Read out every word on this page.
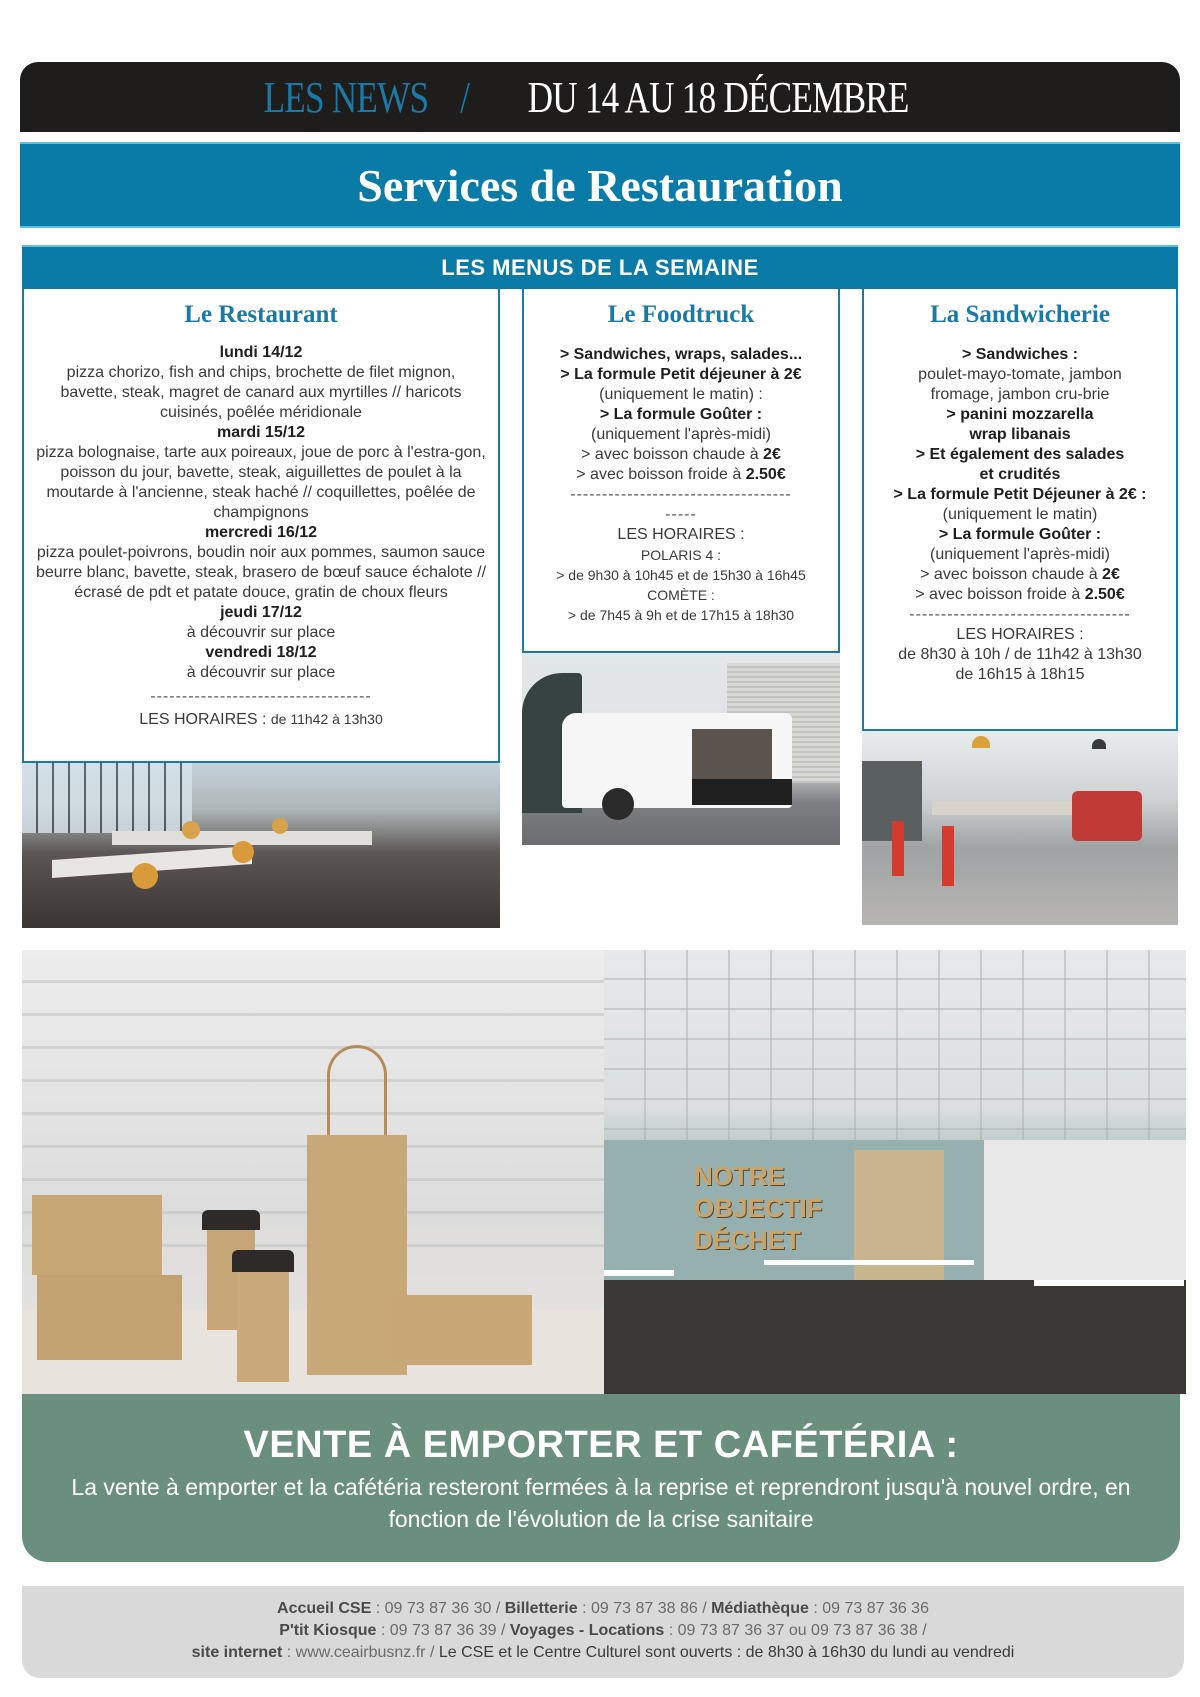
LES NEWS / DU 14 AU 18 DÉCEMBRE
Services de Restauration
LES MENUS DE LA SEMAINE
Le Restaurant
lundi 14/12
pizza chorizo, fish and chips, brochette de filet mignon, bavette, steak, magret de canard aux myrtilles // haricots cuisinés, poêlée méridionale
mardi 15/12
pizza bolognaise, tarte aux poireaux, joue de porc à l'estra-gon, poisson du jour, bavette, steak, aiguillettes de poulet à la moutarde à l'ancienne, steak haché // coquillettes, poêlée de champignons
mercredi 16/12
pizza poulet-poivrons, boudin noir aux pommes, saumon sauce beurre blanc, bavette, steak, brasero de bœuf sauce échalote // écrasé de pdt et patate douce, gratin de choux fleurs
jeudi 17/12
à découvrir sur place
vendredi 18/12
à découvrir sur place
-----------------------------------
LES HORAIRES : de 11h42 à 13h30
Le Foodtruck
> Sandwiches, wraps, salades...
> La formule Petit déjeuner à 2€
(uniquement le matin) :
> La formule Goûter :
(uniquement l'après-midi)
> avec boisson chaude à 2€
> avec boisson froide à 2.50€
-----------------------------------
-----
LES HORAIRES :
POLARIS 4 :
> de 9h30 à 10h45 et de 15h30 à 16h45
COMÈTE :
> de 7h45 à 9h et de 17h15 à 18h30
La Sandwicherie
> Sandwiches :
poulet-mayo-tomate, jambon
fromage, jambon cru-brie
> panini mozzarella
wrap libanais
> Et également des salades
et crudités
> La formule Petit Déjeuner à 2€ :
(uniquement le matin)
> La formule Goûter :
(uniquement l'après-midi)
> avec boisson chaude à 2€
> avec boisson froide à 2.50€
-----------------------------------
LES HORAIRES :
de 8h30 à 10h / de 11h42 à 13h30
de 16h15 à 18h15
NOTRE
OBJECTIF
DÉCHET
VENTE À EMPORTER ET CAFÉTÉRIA :
La vente à emporter et la cafétéria resteront fermées à la reprise et reprendront jusqu'à nouvel ordre, en fonction de l'évolution de la crise sanitaire
Accueil CSE : 09 73 87 36 30 / Billetterie : 09 73 87 38 86 / Médiathèque : 09 73 87 36 36
P'tit Kiosque : 09 73 87 36 39 / Voyages - Locations : 09 73 87 36 37 ou 09 73 87 36 38 /
site internet : www.ceairbusnz.fr / Le CSE et le Centre Culturel sont ouverts : de 8h30 à 16h30 du lundi au vendredi
